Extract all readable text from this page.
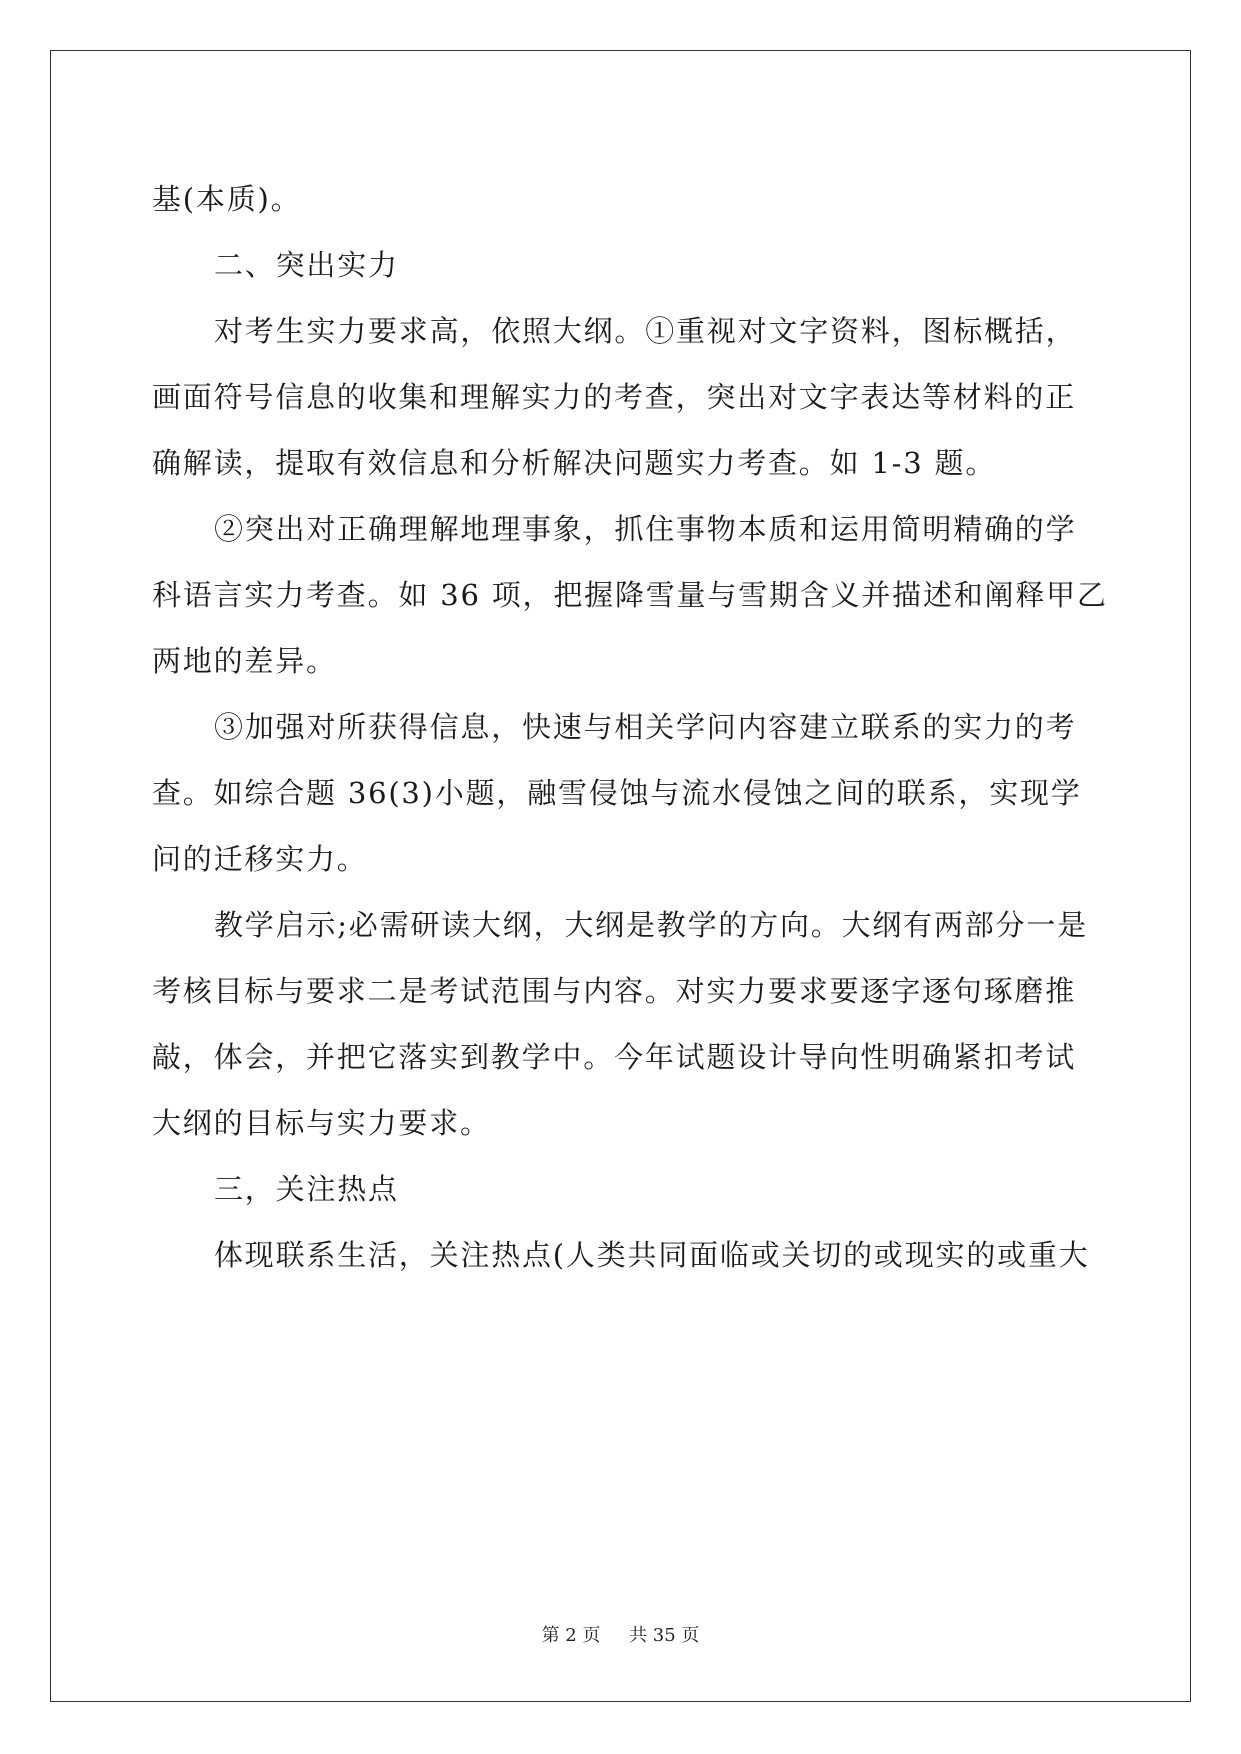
基(本质)。
二、突出实力
对考生实力要求高，依照大纲。①重视对文字资料，图标概括，
画面符号信息的收集和理解实力的考查，突出对文字表达等材料的正
确解读，提取有效信息和分析解决问题实力考查。如 1-3 题。
②突出对正确理解地理事象，抓住事物本质和运用简明精确的学
科语言实力考查。如 36 项，把握降雪量与雪期含义并描述和阐释甲乙
两地的差异。
③加强对所获得信息，快速与相关学问内容建立联系的实力的考
查。如综合题 36(3)小题，融雪侵蚀与流水侵蚀之间的联系，实现学
问的迁移实力。
教学启示;必需研读大纲，大纲是教学的方向。大纲有两部分一是
考核目标与要求二是考试范围与内容。对实力要求要逐字逐句琢磨推
敲，体会，并把它落实到教学中。今年试题设计导向性明确紧扣考试
大纲的目标与实力要求。
三，关注热点
体现联系生活，关注热点(人类共同面临或关切的或现实的或重大
第 2 页 共 35 页
